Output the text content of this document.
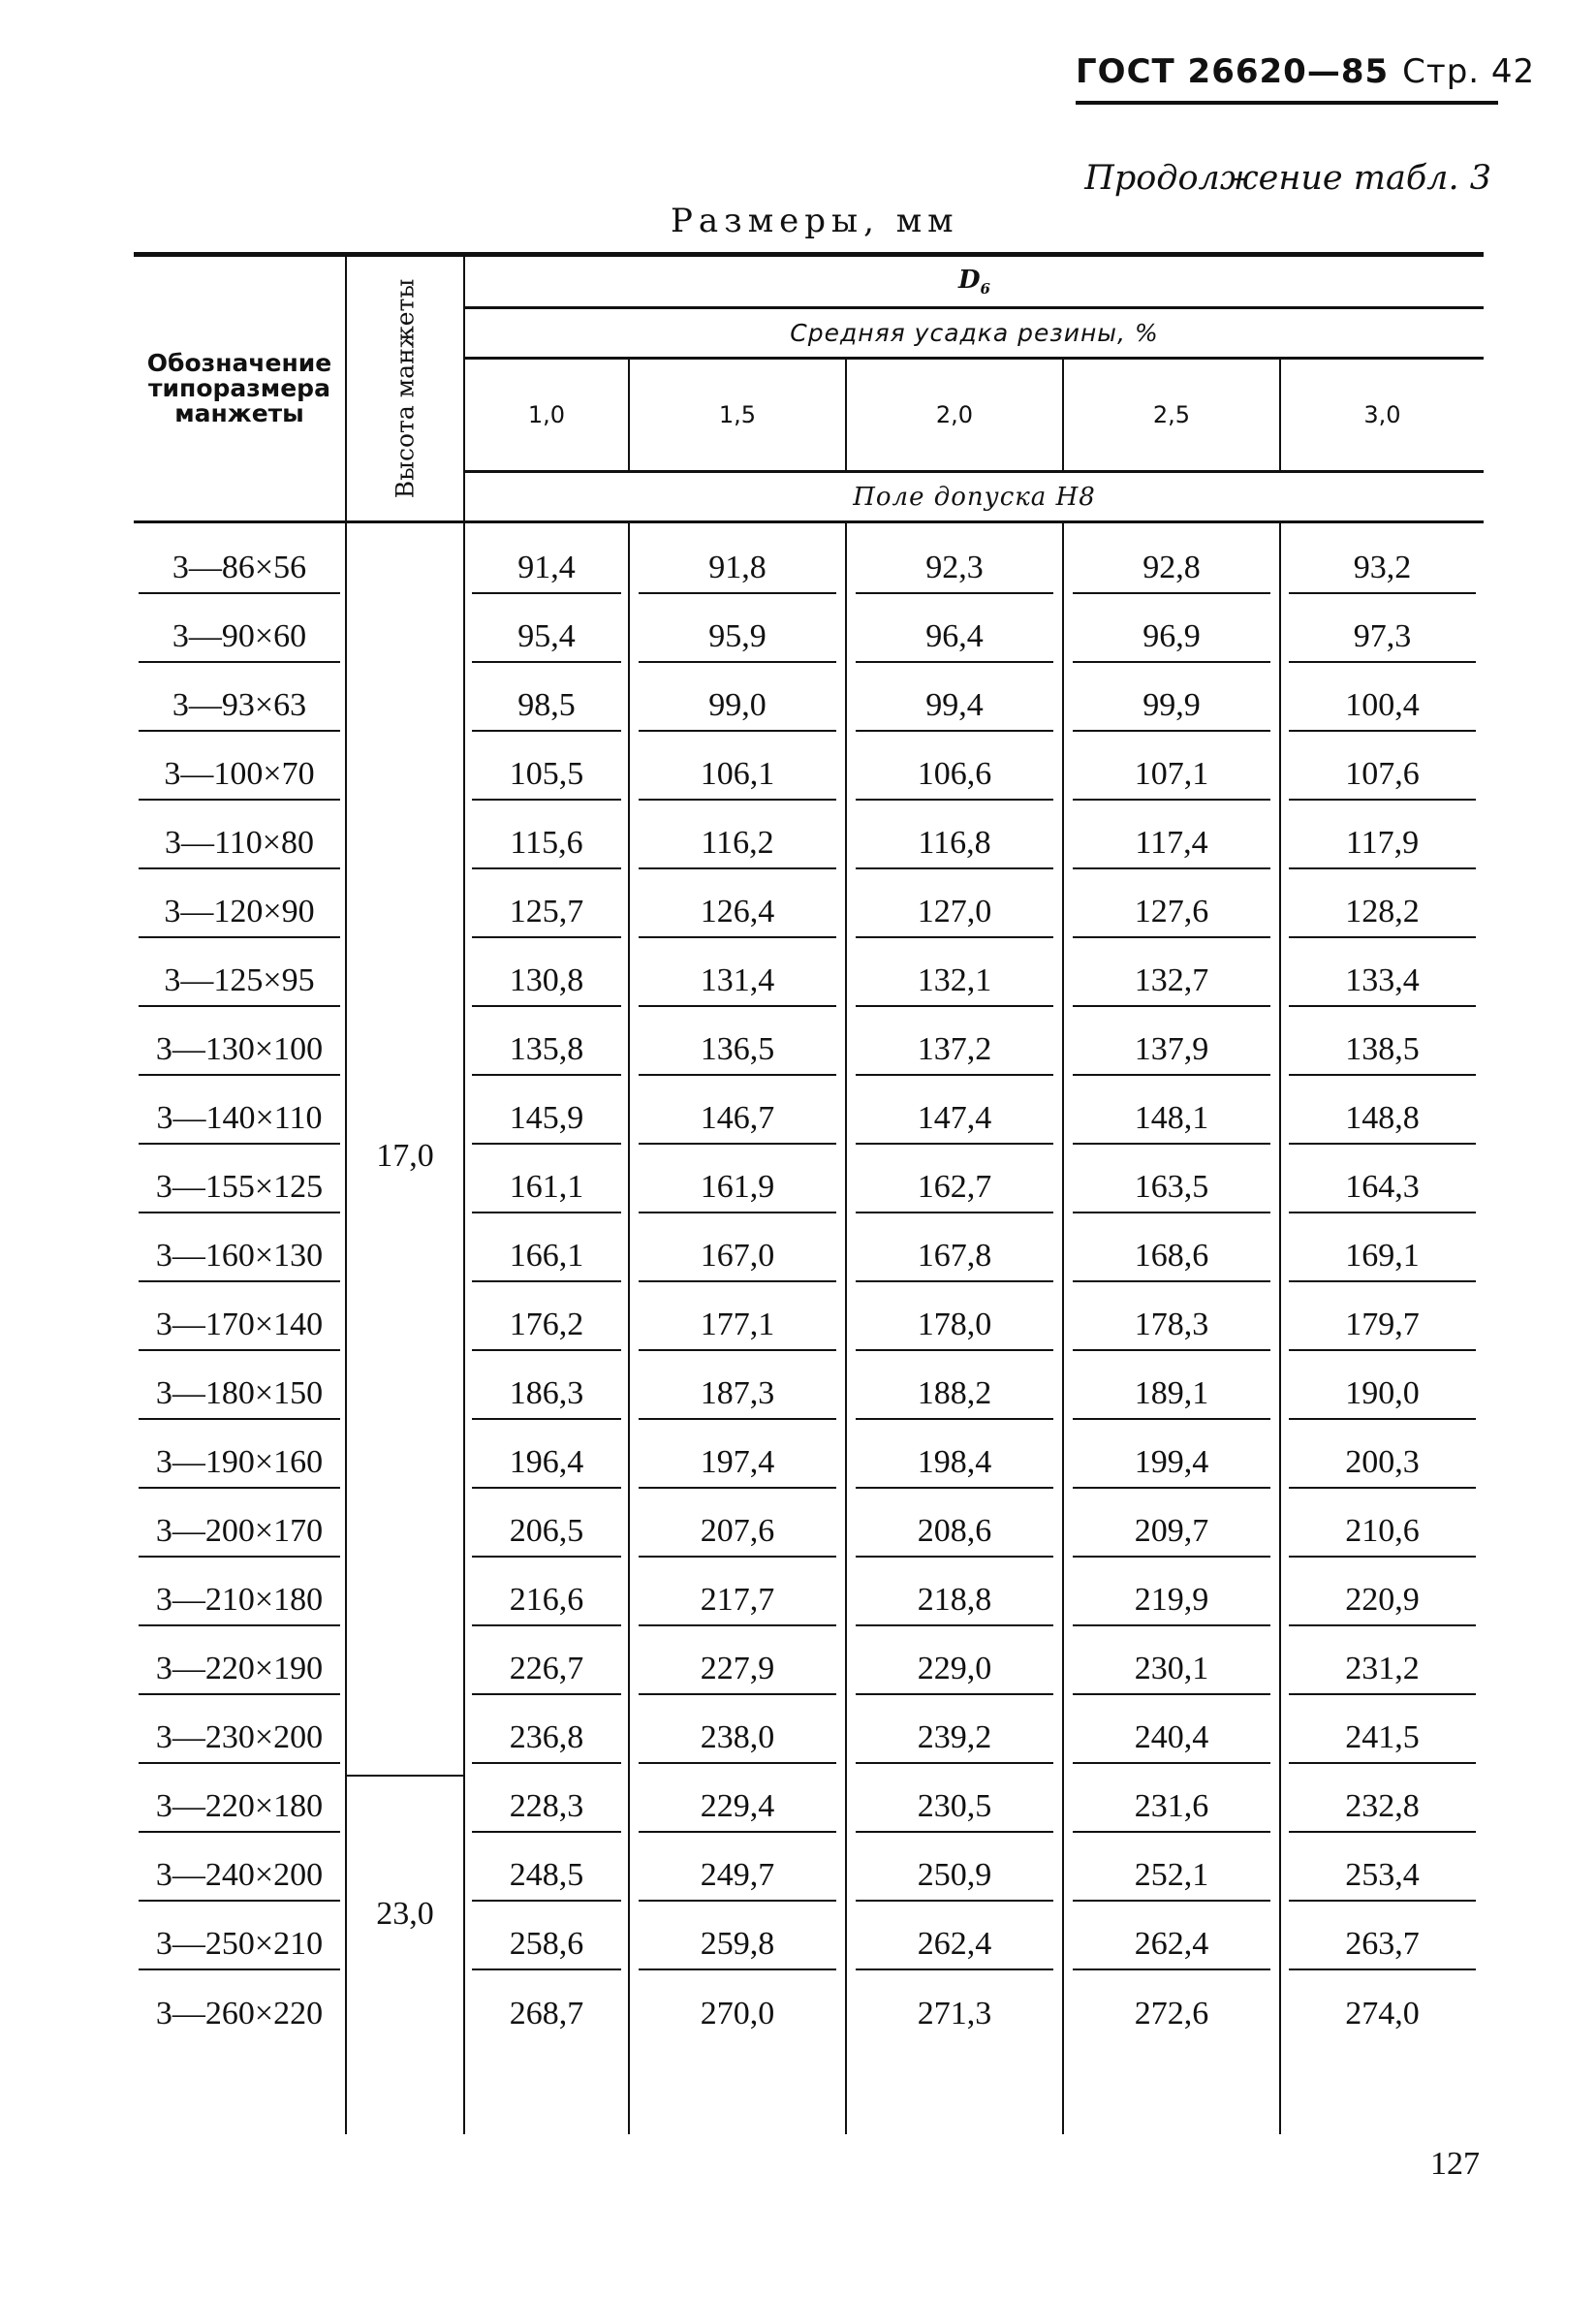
ГОСТ 26620—85 Стр. 42
Продолжение табл. 3
Размеры, мм
Обозначение типоразмера манжеты	Высота манжеты	$D_6$
		Средняя усадка резины, %				
		1,0	1,5	2,0	2,5	3,0
		Поле допуска H8				

3—86×56	17,0	91,4	91,8	92,3	92,8	93,2
3—90×60		95,4	95,9	96,4	96,9	97,3
3—93×63		98,5	99,0	99,4	99,9	100,4
3—100×70		105,5	106,1	106,6	107,1	107,6
3—110×80		115,6	116,2	116,8	117,4	117,9
3—120×90		125,7	126,4	127,0	127,6	128,2
3—125×95		130,8	131,4	132,1	132,7	133,4
3—130×100		135,8	136,5	137,2	137,9	138,5
3—140×110		145,9	146,7	147,4	148,1	148,8
3—155×125		161,1	161,9	162,7	163,5	164,3
3—160×130		166,1	167,0	167,8	168,6	169,1
3—170×140		176,2	177,1	178,0	178,3	179,7
3—180×150		186,3	187,3	188,2	189,1	190,0
3—190×160		196,4	197,4	198,4	199,4	200,3
3—200×170		206,5	207,6	208,6	209,7	210,6
3—210×180		216,6	217,7	218,8	219,9	220,9
3—220×190		226,7	227,9	229,0	230,1	231,2
3—230×200		236,8	238,0	239,2	240,4	241,5
3—220×180	23,0	228,3	229,4	230,5	231,6	232,8
3—240×200		248,5	249,7	250,9	252,1	253,4
3—250×210		258,6	259,8	262,4	262,4	263,7
3—260×220		268,7	270,0	271,3	272,6	274,0

127
